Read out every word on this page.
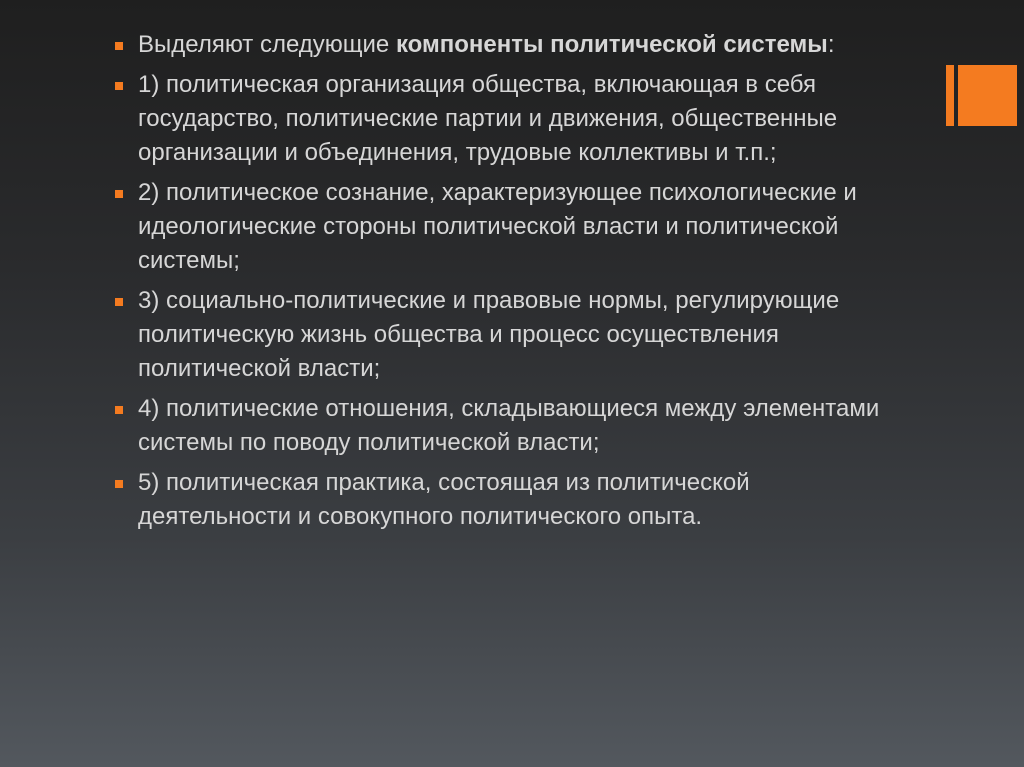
Выделяют следующие компоненты политической системы:
1) политическая организация общества, включающая в себя государство, политические партии и движения, общественные организации и объединения, трудовые коллективы и т.п.;
2) политическое сознание, характеризующее психологические и идеологические стороны политической власти и политической системы;
3) социально-политические и правовые нормы, регулирующие политическую жизнь общества и процесс осуществления политической власти;
4) политические отношения, складывающиеся между элементами системы по поводу политической власти;
5) политическая практика, состоящая из политической деятельности и совокупного политического опыта.
